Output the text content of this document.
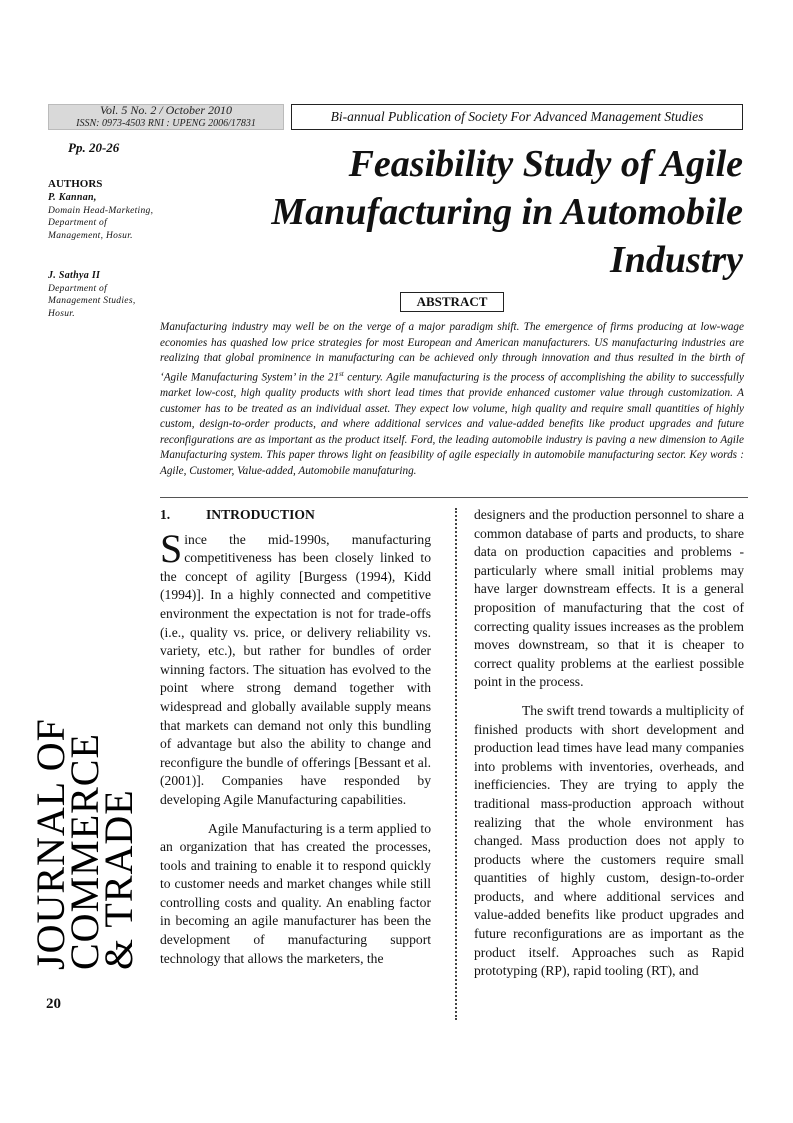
Vol. 5 No. 2 / October 2010
ISSN: 0973-4503 RNI : UPENG 2006/17831	Bi-annual Publication of Society For Advanced Management Studies
Pp. 20-26	Feasibility Study of Agile
Manufacturing in Automobile
Industry
AUTHORS
P. Kannan,
Domain Head-Marketing, Department of Management, Hosur.
J. Sathya II
Department of Management Studies, Hosur.
ABSTRACT
Manufacturing industry may well be on the verge of a major paradigm shift. The emergence of firms producing at low-wage economies has quashed low price strategies for most European and American manufacturers. US manufacturing industries are realizing that global prominence in manufacturing can be achieved only through innovation and thus resulted in the birth of ‘Agile Manufacturing System’ in the 21st century. Agile manufacturing is the process of accomplishing the ability to successfully market low-cost, high quality products with short lead times that provide enhanced customer value through customization. A customer has to be treated as an individual asset. They expect low volume, high quality and require small quantities of highly custom, design-to-order products, and where additional services and value-added benefits like product upgrades and future reconfigurations are as important as the product itself. Ford, the leading automobile industry is paving a new dimension to Agile Manufacturing system. This paper throws light on feasibility of agile especially in automobile manufacturing sector. Key words : Agile, Customer, Value-added, Automobile manufaturing.
JOURNAL OF
COMMERCE
& TRADE
20

1.	INTRODUCTION

Since the mid-1990s, manufacturing competitiveness has been closely linked to the concept of agility [Burgess (1994), Kidd (1994)]. In a highly connected and competitive environment the expectation is not for trade-offs (i.e., quality vs. price, or delivery reliability vs. variety, etc.), but rather for bundles of order winning factors. The situation has evolved to the point where strong demand together with widespread and globally available supply means that markets can demand not only this bundling of advantage but also the ability to change and reconfigure the bundle of offerings [Bessant et al. (2001)]. Companies have responded by developing Agile Manufacturing capabilities.

Agile Manufacturing is a term applied to an organization that has created the processes, tools and training to enable it to respond quickly to customer needs and market changes while still controlling costs and quality. An enabling factor in becoming an agile manufacturer has been the development of manufacturing support technology that allows the marketers, the

designers and the production personnel to share a common database of parts and products, to share data on production capacities and problems - particularly where small initial problems may have larger downstream effects. It is a general proposition of manufacturing that the cost of correcting quality issues increases as the problem moves downstream, so that it is cheaper to correct quality problems at the earliest possible point in the process.

The swift trend towards a multiplicity of finished products with short development and production lead times have lead many companies into problems with inventories, overheads, and inefficiencies. They are trying to apply the traditional mass-production approach without realizing that the whole environment has changed. Mass production does not apply to products where the customers require small quantities of highly custom, design-to-order products, and where additional services and value-added benefits like product upgrades and future reconfigurations are as important as the product itself. Approaches such as Rapid prototyping (RP), rapid tooling (RT), and
